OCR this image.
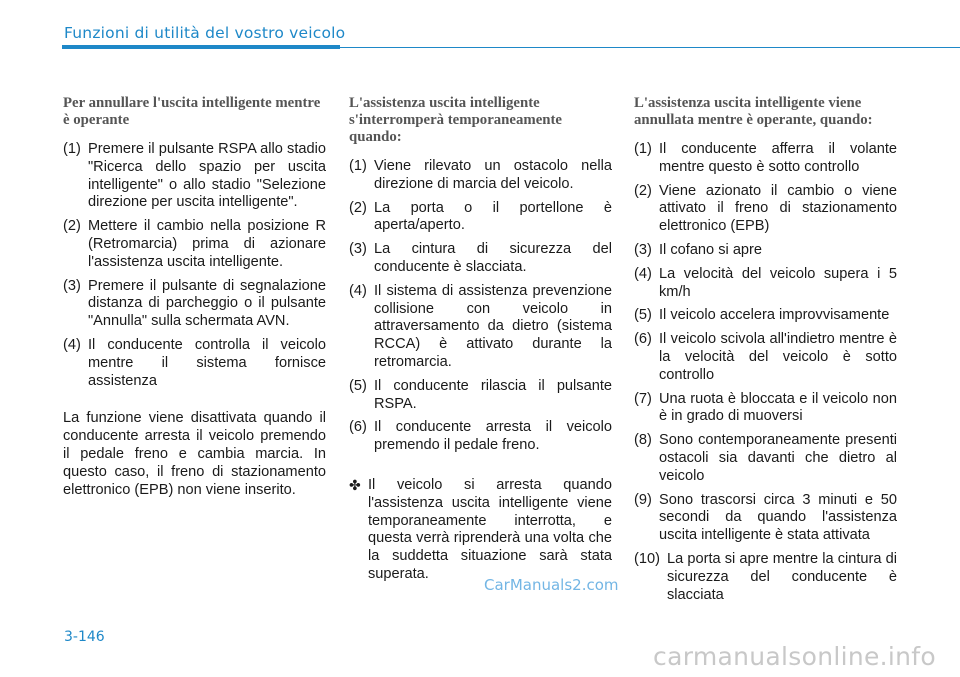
Funzioni di utilità del vostro veicolo

Per annullare l'uscita intelligente mentre è operante

(1) Premere il pulsante RSPA allo stadio "Ricerca dello spazio per uscita intelligente" o allo stadio "Selezione direzione per uscita intelligente".
(2) Mettere il cambio nella posizione R (Retromarcia) prima di azionare l'assistenza uscita intelligente.
(3) Premere il pulsante di segnalazione distanza di parcheggio o il pulsante "Annulla" sulla schermata AVN.
(4) Il conducente controlla il veicolo mentre il sistema fornisce assistenza

La funzione viene disattivata quando il conducente arresta il veicolo premendo il pedale freno e cambia marcia. In questo caso, il freno di stazionamento elettronico (EPB) non viene inserito.

L'assistenza uscita intelligente s'interromperà temporaneamente quando:

(1) Viene rilevato un ostacolo nella direzione di marcia del veicolo.
(2) La porta o il portellone è aperta/aperto.
(3) La cintura di sicurezza del conducente è slacciata.
(4) Il sistema di assistenza prevenzione collisione con veicolo in attraversamento da dietro (sistema RCCA) è attivato durante la retromarcia.
(5) Il conducente rilascia il pulsante RSPA.
(6) Il conducente arresta il veicolo premendo il pedale freno.
✤ Il veicolo si arresta quando l'assistenza uscita intelligente viene temporaneamente interrotta, e questa verrà riprenderà una volta che la suddetta situazione sarà stata superata.

L'assistenza uscita intelligente viene annullata mentre è operante, quando:

(1) Il conducente afferra il volante mentre questo è sotto controllo
(2) Viene azionato il cambio o viene attivato il freno di stazionamento elettronico (EPB)
(3) Il cofano si apre
(4) La velocità del veicolo supera i 5 km/h
(5) Il veicolo accelera improvvisamente
(6) Il veicolo scivola all'indietro mentre è la velocità del veicolo è sotto controllo
(7) Una ruota è bloccata e il veicolo non è in grado di muoversi
(8) Sono contemporaneamente presenti ostacoli sia davanti che dietro al veicolo
(9) Sono trascorsi circa 3 minuti e 50 secondi da quando l'assistenza uscita intelligente è stata attivata
(10) La porta si apre mentre la cintura di sicurezza del conducente è slacciata
CarManuals2.com
3-146
carmanualsonline.info
